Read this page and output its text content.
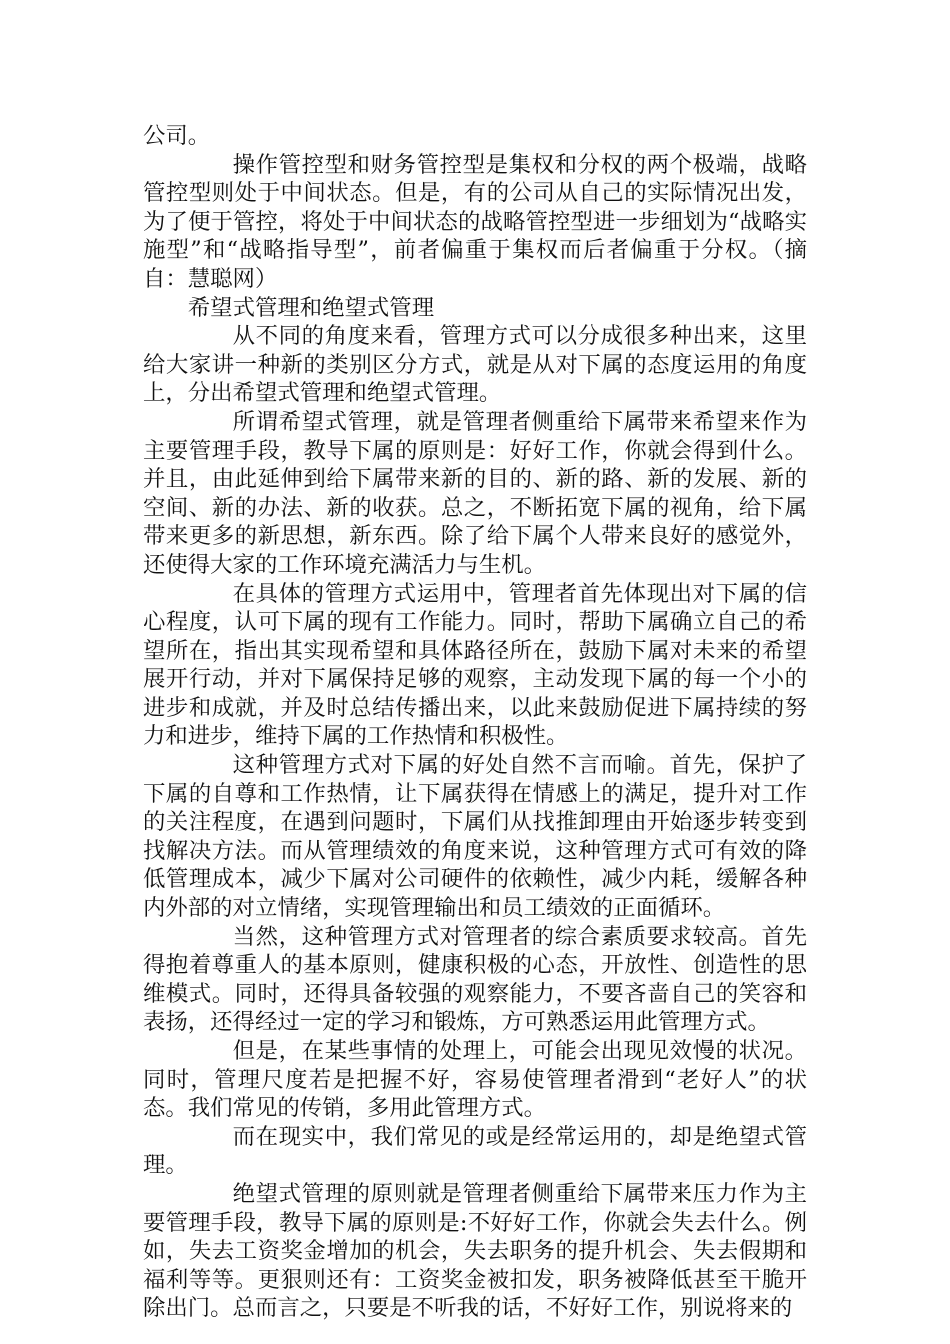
公司。

操作管控型和财务管控型是集权和分权的两个极端，战略管控型则处于中间状态。但是，有的公司从自己的实际情况出发，为了便于管控，将处于中间状态的战略管控型进一步细划为“战略实施型”和“战略指导型”，前者偏重于集权而后者偏重于分权。（摘自：慧聪网）

希望式管理和绝望式管理

从不同的角度来看，管理方式可以分成很多种出来，这里给大家讲一种新的类别区分方式，就是从对下属的态度运用的角度上，分出希望式管理和绝望式管理。

所谓希望式管理，就是管理者侧重给下属带来希望来作为主要管理手段，教导下属的原则是：好好工作，你就会得到什么。并且，由此延伸到给下属带来新的目的、新的路、新的发展、新的空间、新的办法、新的收获。总之，不断拓宽下属的视角，给下属带来更多的新思想，新东西。除了给下属个人带来良好的感觉外，还使得大家的工作环境充满活力与生机。

在具体的管理方式运用中，管理者首先体现出对下属的信心程度，认可下属的现有工作能力。同时，帮助下属确立自己的希望所在，指出其实现希望和具体路径所在，鼓励下属对未来的希望展开行动，并对下属保持足够的观察，主动发现下属的每一个小的进步和成就，并及时总结传播出来，以此来鼓励促进下属持续的努力和进步，维持下属的工作热情和积极性。

这种管理方式对下属的好处自然不言而喻。首先，保护了下属的自尊和工作热情，让下属获得在情感上的满足，提升对工作的关注程度，在遇到问题时，下属们从找推卸理由开始逐步转变到找解决方法。而从管理绩效的角度来说，这种管理方式可有效的降低管理成本，减少下属对公司硬件的依赖性，减少内耗，缓解各种内外部的对立情绪，实现管理输出和员工绩效的正面循环。

当然，这种管理方式对管理者的综合素质要求较高。首先得抱着尊重人的基本原则，健康积极的心态，开放性、创造性的思维模式。同时，还得具备较强的观察能力，不要吝啬自己的笑容和表扬，还得经过一定的学习和锻炼，方可熟悉运用此管理方式。

但是，在某些事情的处理上，可能会出现见效慢的状况。同时，管理尺度若是把握不好，容易使管理者滑到“老好人”的状态。我们常见的传销，多用此管理方式。

而在现实中，我们常见的或是经常运用的，却是绝望式管理。

绝望式管理的原则就是管理者侧重给下属带来压力作为主要管理手段，教导下属的原则是:不好好工作，你就会失去什么。例如，失去工资奖金增加的机会，失去职务的提升机会、失去假期和福利等等。更狠则还有：工资奖金被扣发，职务被降低甚至干脆开除出门。总而言之，只要是不听我的话，不好好工作，别说将来的
